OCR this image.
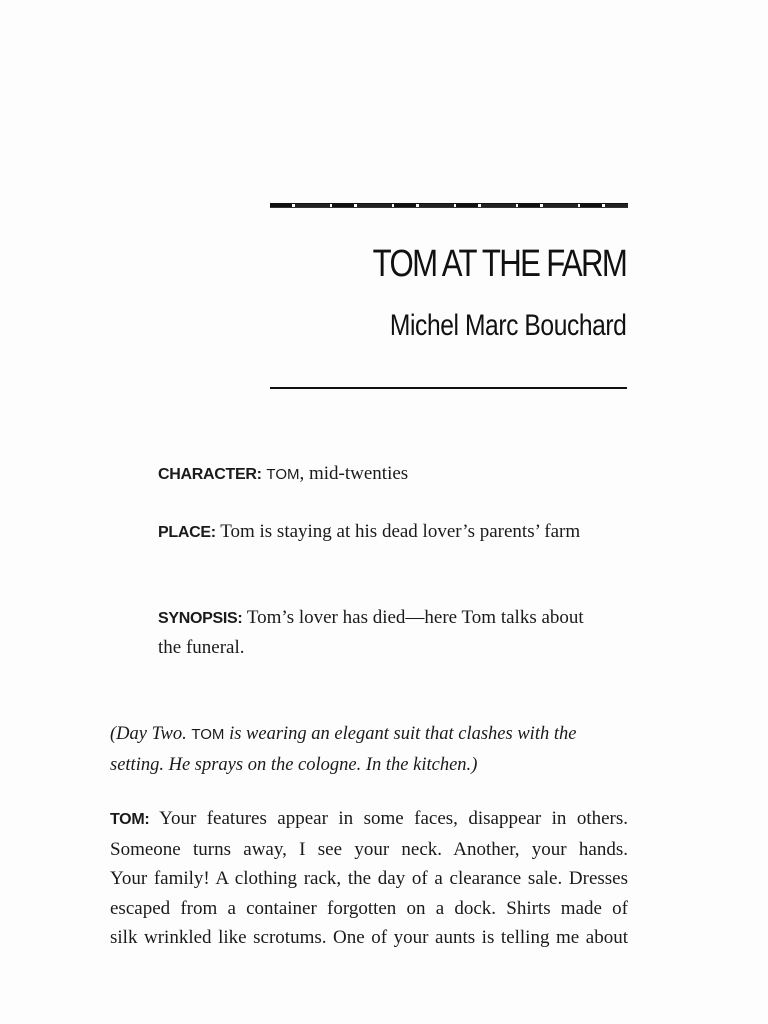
TOM AT THE FARM
Michel Marc Bouchard
CHARACTER: TOM, mid-twenties
PLACE: Tom is staying at his dead lover’s parents’ farm
SYNOPSIS: Tom’s lover has died—here Tom talks about the funeral.
(Day Two. TOM is wearing an elegant suit that clashes with the setting. He sprays on the cologne. In the kitchen.)
TOM: Your features appear in some faces, disappear in others.
Someone turns away, I see your neck. Another, your hands.
Your family! A clothing rack, the day of a clearance sale. Dresses
escaped from a container forgotten on a dock. Shirts made of
silk wrinkled like scrotums. One of your aunts is telling me about
